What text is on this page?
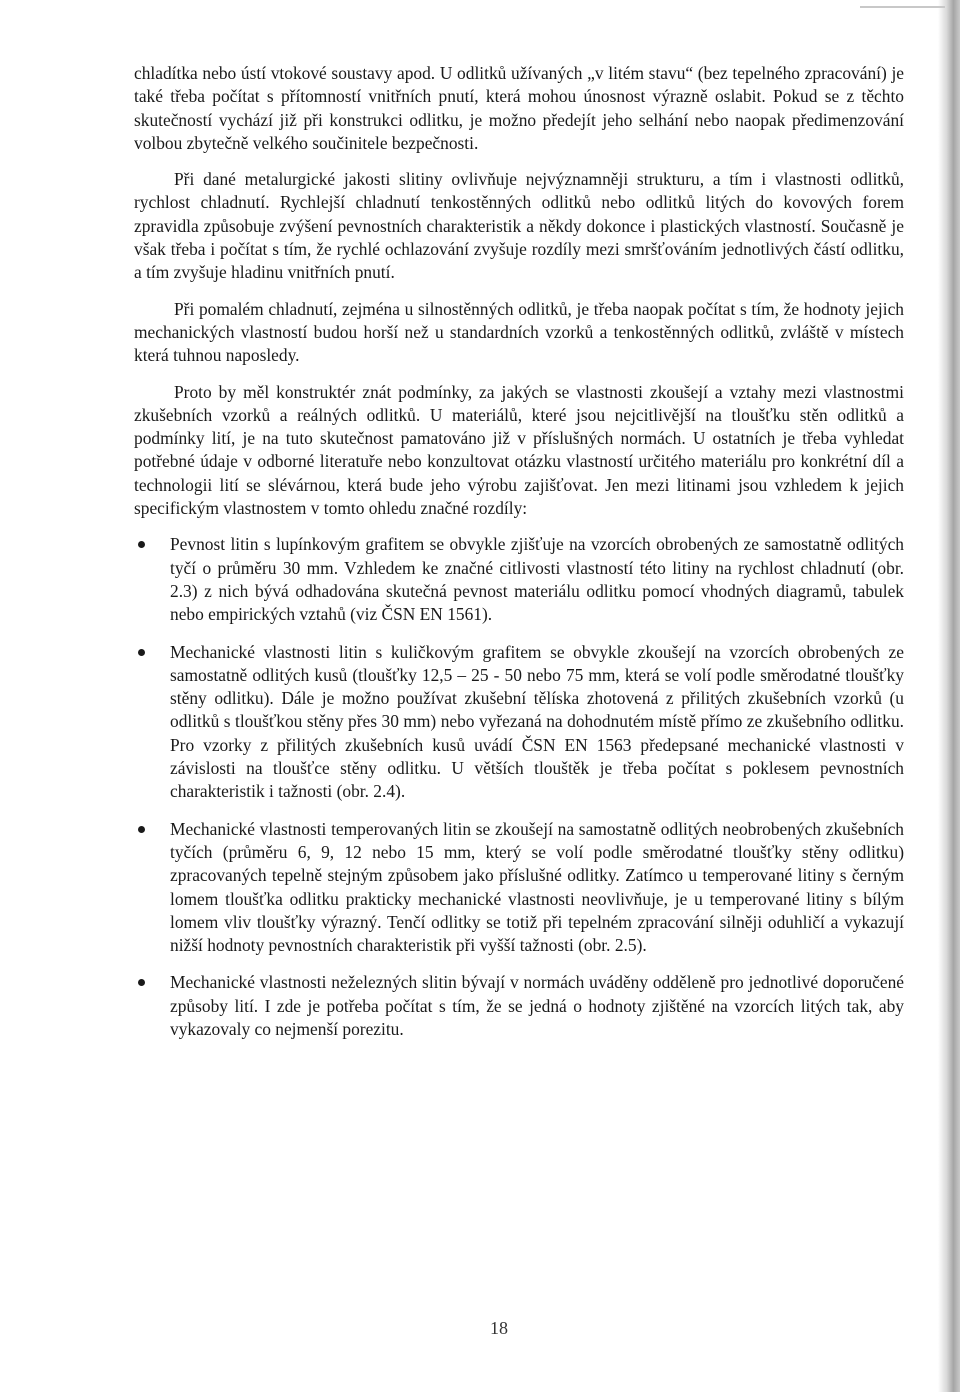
chladítka nebo ústí vtokové soustavy apod. U odlitků užívaných „v litém stavu“ (bez tepelného zpracování) je také třeba počítat s přítomností vnitřních pnutí, která mohou únosnost výrazně oslabit. Pokud se z těchto skutečností vychází již při konstrukci odlitku, je možno předejít jeho selhání nebo naopak předimenzování volbou zbytečně velkého součinitele bezpečnosti.

Při dané metalurgické jakosti slitiny ovlivňuje nejvýznamněji strukturu, a tím i vlastnosti odlitků, rychlost chladnutí. Rychlejší chladnutí tenkostěnných odlitků nebo odlitků litých do kovových forem zpravidla způsobuje zvýšení pevnostních charakteristik a někdy dokonce i plastických vlastností. Současně je však třeba i počítat s tím, že rychlé ochlazování zvyšuje rozdíly mezi smršťováním jednotlivých částí odlitku, a tím zvyšuje hladinu vnitřních pnutí.

Při pomalém chladnutí, zejména u silnostěnných odlitků, je třeba naopak počítat s tím, že hodnoty jejich mechanických vlastností budou horší než u standardních vzorků a tenkostěnných odlitků, zvláště v místech která tuhnou naposledy.

Proto by měl konstruktér znát podmínky, za jakých se vlastnosti zkoušejí a vztahy mezi vlastnostmi zkušebních vzorků a reálných odlitků. U materiálů, které jsou nejcitlivější na tloušťku stěn odlitků a podmínky lití, je na tuto skutečnost pamatováno již v příslušných normách. U ostatních je třeba vyhledat potřebné údaje v odborné literatuře nebo konzultovat otázku vlastností určitého materiálu pro konkrétní díl a technologii lití se slévárnou, která bude jeho výrobu zajišťovat. Jen mezi litinami jsou vzhledem k jejich specifickým vlastnostem v tomto ohledu značné rozdíly:

Pevnost litin s lupínkovým grafitem se obvykle zjišťuje na vzorcích obrobených ze samostatně odlitých tyčí o průměru 30 mm. Vzhledem ke značné citlivosti vlastností této litiny na rychlost chladnutí (obr. 2.3) z nich bývá odhadována skutečná pevnost materiálu odlitku pomocí vhodných diagramů, tabulek nebo empirických vztahů (viz ČSN EN 1561).
Mechanické vlastnosti litin s kuličkovým grafitem se obvykle zkoušejí na vzorcích obrobených ze samostatně odlitých kusů (tloušťky 12,5 – 25 - 50 nebo 75 mm, která se volí podle směrodatné tloušťky stěny odlitku). Dále je možno používat zkušební tělíska zhotovená z přilitých zkušebních vzorků (u odlitků s tloušťkou stěny přes 30 mm) nebo vyřezaná na dohodnutém místě přímo ze zkušebního odlitku. Pro vzorky z přilitých zkušebních kusů uvádí ČSN EN 1563 předepsané mechanické vlastnosti v závislosti na tloušťce stěny odlitku. U větších tlouštěk je třeba počítat s poklesem pevnostních charakteristik i tažnosti (obr. 2.4).
Mechanické vlastnosti temperovaných litin se zkoušejí na samostatně odlitých neobrobených zkušebních tyčích (průměru 6, 9, 12 nebo 15 mm, který se volí podle směrodatné tloušťky stěny odlitku) zpracovaných tepelně stejným způsobem jako příslušné odlitky. Zatímco u temperované litiny s černým lomem tloušťka odlitku prakticky mechanické vlastnosti neovlivňuje, je u temperované litiny s bílým lomem vliv tloušťky výrazný. Tenčí odlitky se totiž při tepelném zpracování silněji oduhličí a vykazují nižší hodnoty pevnostních charakteristik při vyšší tažnosti (obr. 2.5).
Mechanické vlastnosti neželezných slitin bývají v normách uváděny odděleně pro jednotlivé doporučené způsoby lití. I zde je potřeba počítat s tím, že se jedná o hodnoty zjištěné na vzorcích litých tak, aby vykazovaly co nejmenší porezitu.
18
